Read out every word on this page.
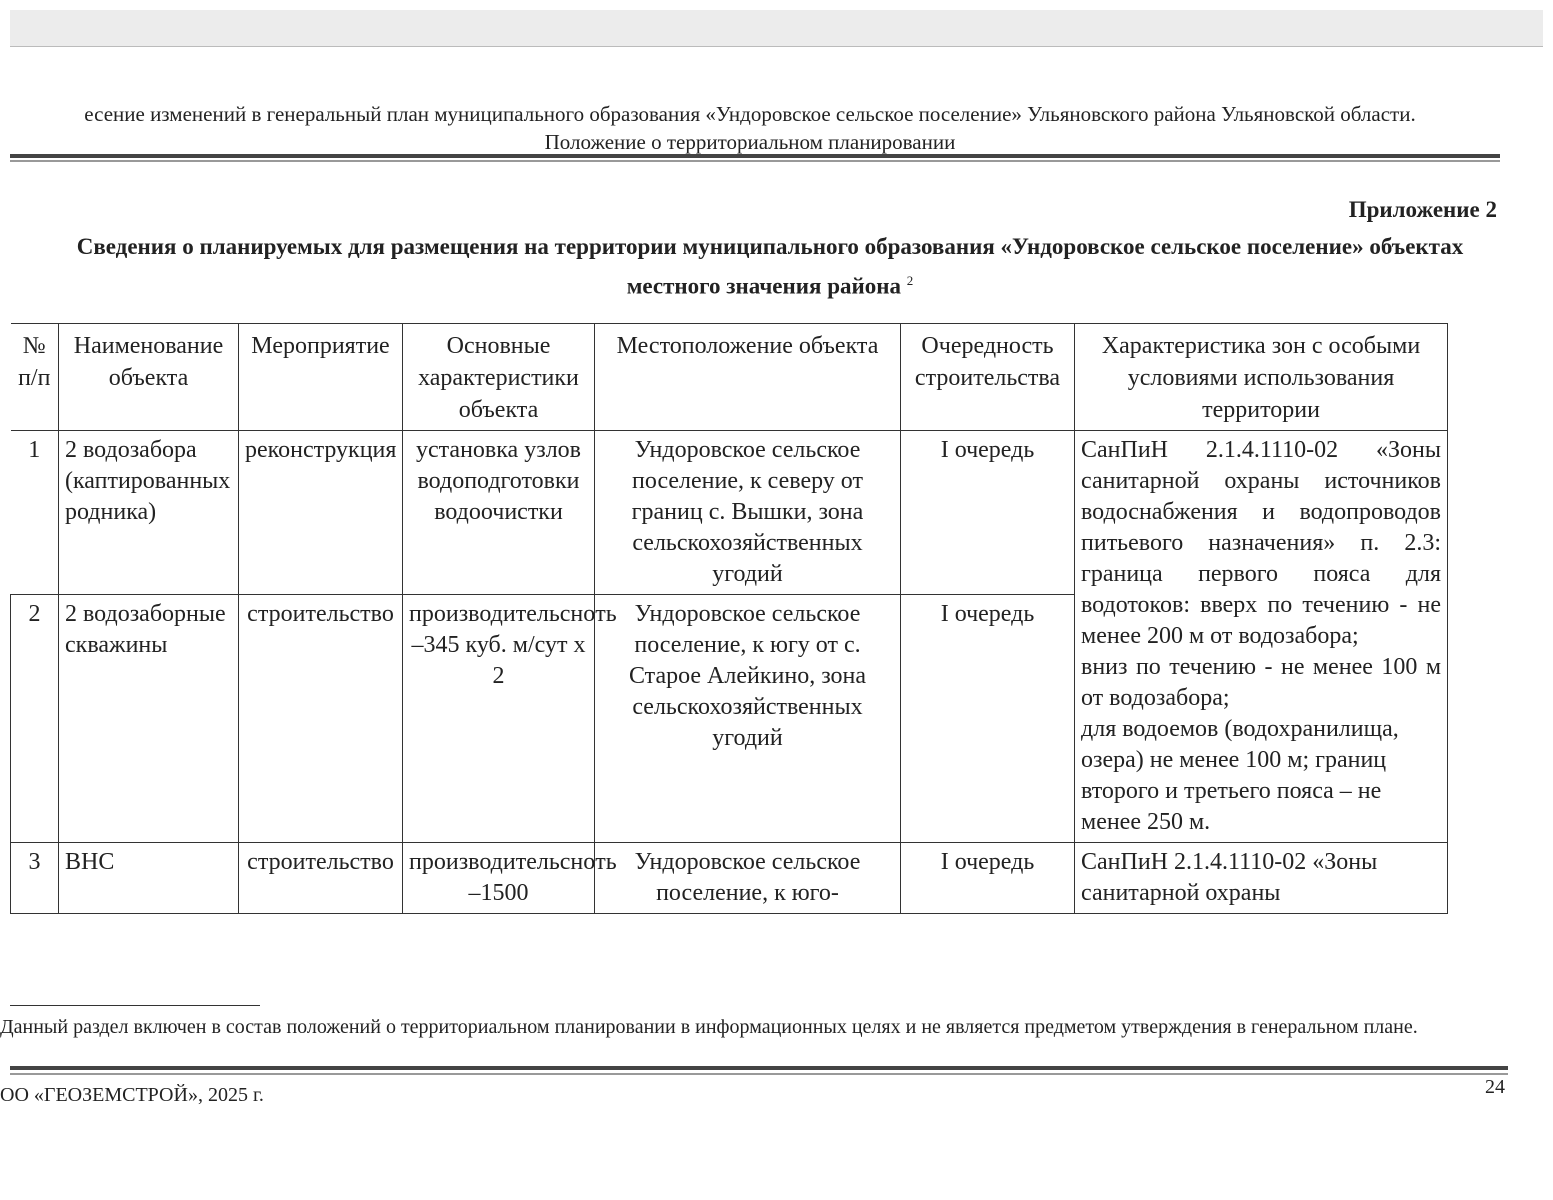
есение изменений в генеральный план муниципального образования «Ундоровское сельское поселение» Ульяновского района Ульяновской области.
Положение о территориальном планировании
Приложение 2
Сведения о планируемых для размещения на территории муниципального образования «Ундоровское сельское поселение» объектах местного значения района $^2$
№ п/п	Наименование объекта	Мероприятие	Основные характеристики объекта	Местоположение объекта	Очередность строительства	Характеристика зон с особыми условиями использования территории
1	2 водозабора (каптированных родника)	реконструкция	установка узлов водоподготовки водоочистки	Ундоровское сельское поселение, к северу от границ с. Вышки, зона сельскохозяйственных угодий	I очередь	СанПиН 2.1.4.1110-02 «Зоны санитарной охраны источников водоснабжения и водопроводов питьевого назначения» п. 2.3: граница первого пояса для водотоков: вверх по течению - не менее 200 м от водозабора;
вниз по течению - не менее 100 м от водозабора;
для водоемов (водохранилища, озера) не менее 100 м; границ второго и третьего пояса – не менее 250 м.

2	2 водозаборные скважины	строительство	производительснoть –345 куб. м/сут х 2	Ундоровское сельское поселение, к югу от с. Старое Алейкино, зона сельскохозяйственных угодий	I очередь	
3	ВНС	строительство	производительснoть –1500	Ундоровское сельское поселение, к юго-	I очередь	СанПиН 2.1.4.1110-02 «Зоны санитарной охраны
Данный раздел включен в состав положений о территориальном планировании в информационных целях и не является предметом утверждения в генеральном плане.
ОО «ГЕОЗЕМСТРОЙ», 2025 г.	24
